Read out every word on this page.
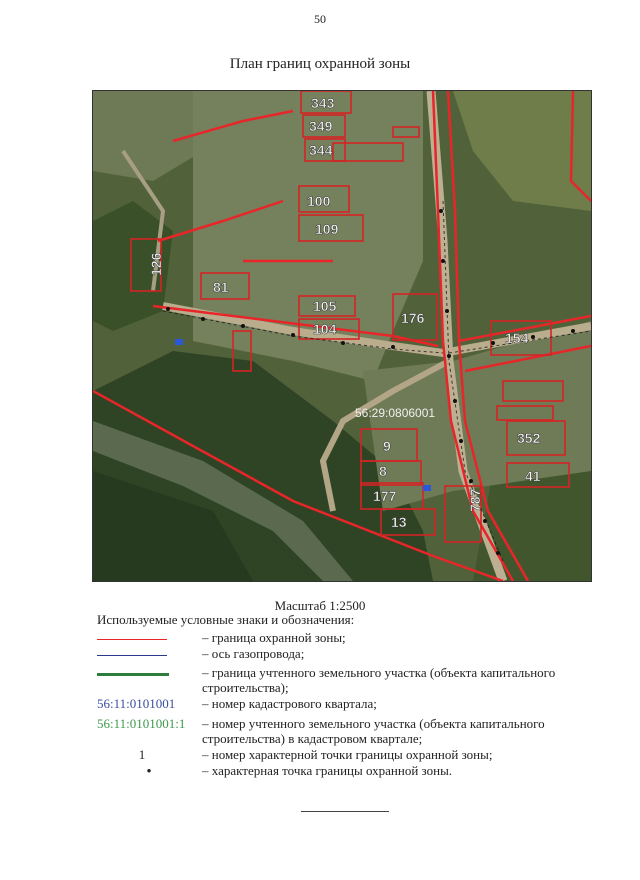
50
План границ охранной зоны
343
349
344
100
109
126
81
105
104
176
154
352
9
8
177
13
787
41
56:29:0806001
Масштаб 1:2500
Используемые условные знаки и обозначения:
– граница охранной зоны;
– ось газопровода;
– граница учтенного земельного участка (объекта капитального строительства);
56:11:0101001	– номер кадастрового квартала;
56:11:0101001:1	– номер учтенного земельного участка (объекта капитального строительства) в кадастровом квартале;
1	– номер характерной точки границы охранной зоны;
•	– характерная точка границы охранной зоны.
